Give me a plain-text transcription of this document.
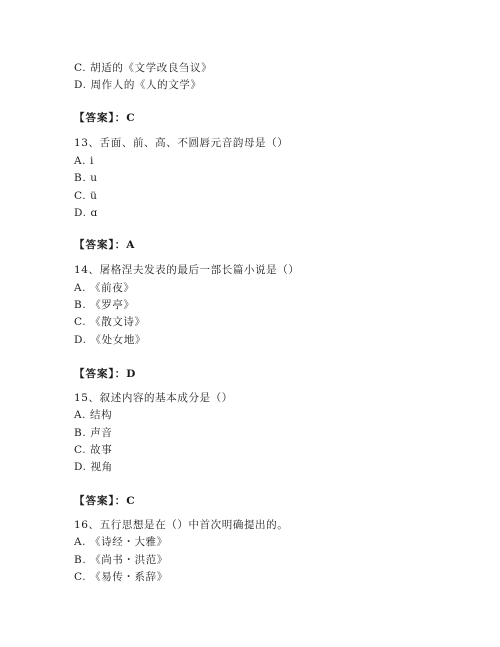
C. 胡适的《文学改良刍议》
D. 周作人的《人的文学》
【答案】：C
13、舌面、前、高、不圆唇元音韵母是（）
A. i
B. u
C. ü
D. ɑ
【答案】：A
14、屠格涅夫发表的最后一部长篇小说是（）
A. 《前夜》
B. 《罗亭》
C. 《散文诗》
D. 《处女地》
【答案】：D
15、叙述内容的基本成分是（）
A. 结构
B. 声音
C. 故事
D. 视角
【答案】：C
16、五行思想是在（）中首次明确提出的。
A. 《诗经・大雅》
B. 《尚书・洪范》
C. 《易传・系辞》
